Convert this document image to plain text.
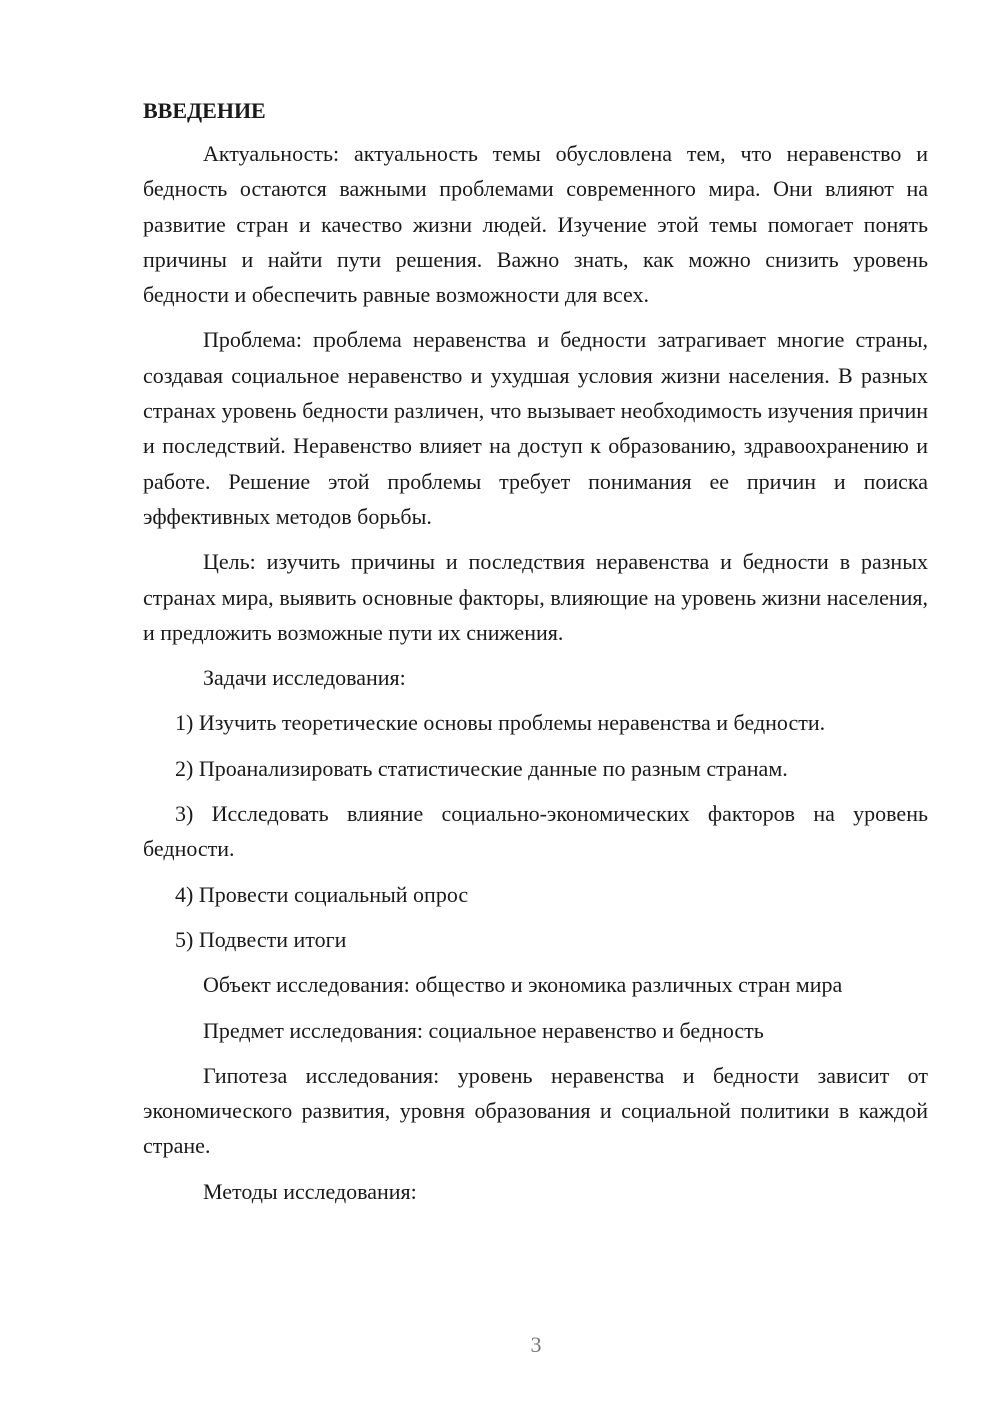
ВВЕДЕНИЕ

Актуальность: актуальность темы обусловлена тем, что неравенство и бедность остаются важными проблемами современного мира. Они влияют на развитие стран и качество жизни людей. Изучение этой темы помогает понять причины и найти пути решения. Важно знать, как можно снизить уровень бедности и обеспечить равные возможности для всех.

Проблема: проблема неравенства и бедности затрагивает многие страны, создавая социальное неравенство и ухудшая условия жизни населения. В разных странах уровень бедности различен, что вызывает необходимость изучения причин и последствий. Неравенство влияет на доступ к образованию, здравоохранению и работе. Решение этой проблемы требует понимания ее причин и поиска эффективных методов борьбы.

Цель: изучить причины и последствия неравенства и бедности в разных странах мира, выявить основные факторы, влияющие на уровень жизни населения, и предложить возможные пути их снижения.

Задачи исследования:

1) Изучить теоретические основы проблемы неравенства и бедности.

2) Проанализировать статистические данные по разным странам.

3) Исследовать влияние социально-экономических факторов на уровень бедности.

4) Провести социальный опрос

5) Подвести итоги

Объект исследования: общество и экономика различных стран мира

Предмет исследования: социальное неравенство и бедность

Гипотеза исследования: уровень неравенства и бедности зависит от экономического развития, уровня образования и социальной политики в каждой стране.

Методы исследования:

3
